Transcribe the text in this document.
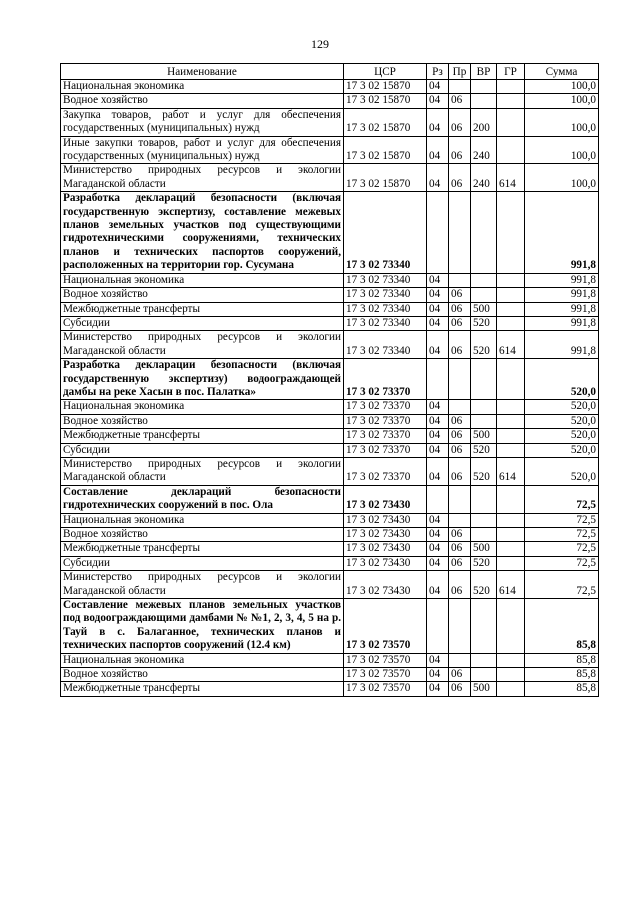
129
Наименование	ЦСР	Рз	Пр	ВР	ГР	Сумма
Национальная экономика	17 3 02 15870	04				100,0
Водное хозяйство	17 3 02 15870	04	06			100,0
Закупка товаров, работ и услуг для обеспечения государственных (муниципальных) нужд	17 3 02 15870	04	06	200		100,0
Иные закупки товаров, работ и услуг для обеспечения государственных (муниципальных) нужд	17 3 02 15870	04	06	240		100,0
Министерство природных ресурсов и экологии Магаданской области	17 3 02 15870	04	06	240	614	100,0
Разработка деклараций безопасности (включая государственную экспертизу, составление межевых планов земельных участков под существующими гидротехническими сооружениями, технических планов и технических паспортов сооружений, расположенных на территории гор. Сусумана	17 3 02 73340					991,8
Национальная экономика	17 3 02 73340	04				991,8
Водное хозяйство	17 3 02 73340	04	06			991,8
Межбюджетные трансферты	17 3 02 73340	04	06	500		991,8
Субсидии	17 3 02 73340	04	06	520		991,8
Министерство природных ресурсов и экологии Магаданской области	17 3 02 73340	04	06	520	614	991,8
Разработка декларации безопасности (включая государственную экспертизу) водоограждающей дамбы на реке Хасын в пос. Палатка»	17 3 02 73370					520,0
Национальная экономика	17 3 02 73370	04				520,0
Водное хозяйство	17 3 02 73370	04	06			520,0
Межбюджетные трансферты	17 3 02 73370	04	06	500		520,0
Субсидии	17 3 02 73370	04	06	520		520,0
Министерство природных ресурсов и экологии Магаданской области	17 3 02 73370	04	06	520	614	520,0
Составление деклараций безопасности гидротехнических сооружений в пос. Ола	17 3 02 73430					72,5
Национальная экономика	17 3 02 73430	04				72,5
Водное хозяйство	17 3 02 73430	04	06			72,5
Межбюджетные трансферты	17 3 02 73430	04	06	500		72,5
Субсидии	17 3 02 73430	04	06	520		72,5
Министерство природных ресурсов и экологии Магаданской области	17 3 02 73430	04	06	520	614	72,5
Составление межевых планов земельных участков под водоограждающими дамбами № №1, 2, 3, 4, 5 на р. Тауй в с. Балаганное, технических планов и технических паспортов сооружений (12.4 км)	17 3 02 73570					85,8
Национальная экономика	17 3 02 73570	04				85,8
Водное хозяйство	17 3 02 73570	04	06			85,8
Межбюджетные трансферты	17 3 02 73570	04	06	500		85,8
